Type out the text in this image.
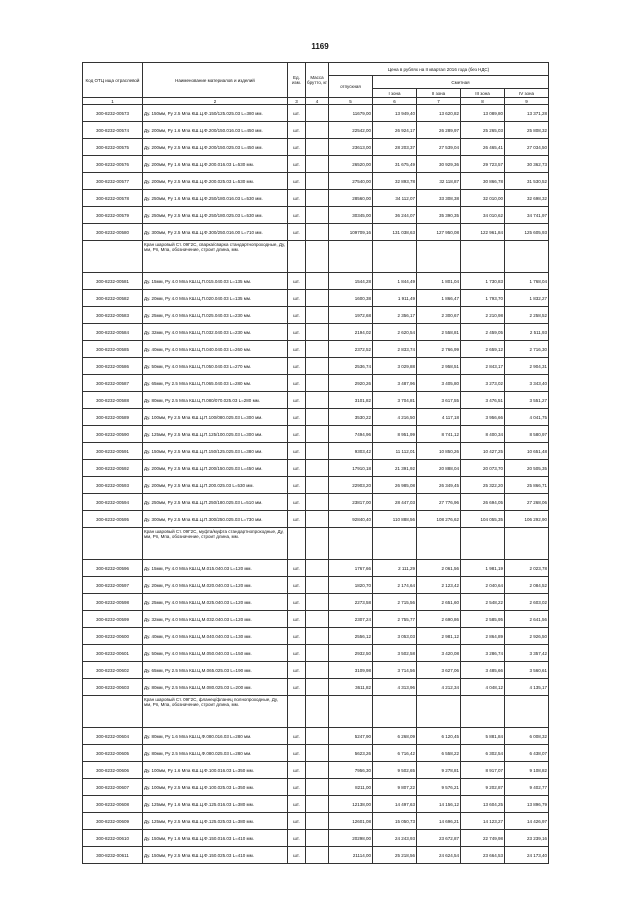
1169
Код ОТЦ ища отраслевой	Наименование материалов и изделий	Ед. изм.	Масса брутто, кг	Цена в рублях на II квартал 2016 года (без НДС)				
				отпускная	Сметная			
					I зона	II зона	III зона	IV зона
1	2	3	4	5	6	7	8	9
300-8232-00573	Ду. 150мм, Ру 2.5 Мпа КШ.Ц.Ф.150/125.025.03 L=380 мм.	шт.		11679,00	13 949,40	13 620,82	13 089,80	13 371,28
300-8232-00574	Ду. 200мм, Ру 1.6 Мпа КШ.Ц.Ф.200/150.016.03 L=450 мм.	шт.		22542,00	26 924,17	26 289,97	25 265,03	25 808,32
300-8232-00575	Ду. 200мм, Ру 2.5 Мпа КШ.Ц.Ф.200/150.025.03 L=450 мм.	шт.		23613,00	28 203,37	27 539,04	26 465,41	27 034,50
300-8232-00576	Ду. 200мм, Ру 1.6 Мпа КШ.Ц.Ф.200.016.03 L=530 мм.	шт.		26520,00	31 675,49	30 929,36	29 723,57	30 362,73
300-8232-00577	Ду. 200мм, Ру 2.5 Мпа КШ.Ц.Ф.200.025.03 L=530 мм.	шт.		27540,00	32 893,78	32 118,87	30 866,78	31 530,52
300-8232-00578	Ду. 250мм, Ру 1.6 Мпа КШ.Ц.Ф.250/180.016.03 L=530 мм.	шт.		28560,00	34 112,07	33 308,38	32 010,00	32 698,32
300-8232-00579	Ду. 250мм, Ру 2.5 Мпа КШ.Ц.Ф.250/180.025.03 L=530 мм.	шт.		30345,00	36 244,07	35 390,35	34 010,62	34 741,97
300-8232-00580	Ду. 300мм, Ру 2.5 Мпа КШ.Ц.Ф.300/250.016.00 L=710 мм.	шт.		109709,16	131 038,63	127 950,08	122 961,84	125 605,93
	Кран шаровый Ст. 09Г2С, сварка/сварка стандартнопроходные, Ду, мм, Рп, Мпа, обозначение, строит длина, мм.							
300-8232-00581	Ду. 15мм, Ру 4.0 Мпа КШ.Ц.П.015.040.03 L=135 мм.	шт.		1544,28	1 844,49	1 801,04	1 730,83	1 768,04
300-8232-00582	Ду. 20мм, Ру 4.0 Мпа КШ.Ц.П.020.040.03 L=135 мм.	шт.		1600,38	1 911,49	1 866,47	1 793,70	1 832,27
300-8232-00583	Ду. 25мм, Ру 4.0 Мпа КШ.Ц.П.025.040.03 L=230 мм.	шт.		1972,68	2 356,17	2 300,67	2 210,98	2 258,52
300-8232-00584	Ду. 32мм, Ру 4.0 Мпа КШ.Ц.П.032.040.03 L=230 мм.	шт.		2194,02	2 620,54	2 558,81	2 459,05	2 511,93
300-8232-00585	Ду. 40мм, Ру 4.0 Мпа КШ.Ц.П.040.040.03 L=260 мм.	шт.		2372,52	2 833,74	2 766,99	2 659,12	2 716,30
300-8232-00586	Ду. 50мм, Ру 4.0 Мпа КШ.Ц.П.050.040.03 L=270 мм.	шт.		2536,74	3 029,88	2 958,51	2 843,17	2 904,31
300-8232-00587	Ду. 65мм, Ру 2.5 Мпа КШ.Ц.П.065.040.03 L=280 мм.	шт.		2920,26	3 487,96	3 405,80	3 273,02	3 343,40
300-8232-00588	Ду. 80мм, Ру 2.5 Мпа КШ.Ц.П.080/070.025.03 L=280 мм.	шт.		3101,82	3 704,81	3 617,55	3 476,51	3 551,27
300-8232-00589	Ду. 100мм, Ру 2.5 Мпа КШ.Ц.П.100/080.025.03 L=300 мм.	шт.		3530,22	4 216,50	4 117,18	3 956,66	4 041,75
300-8232-00590	Ду. 125мм, Ру 2.5 Мпа КШ.Ц.П.125/100.025.03 L=300 мм.	шт.		7494,96	8 951,99	8 741,12	8 400,34	8 580,97
300-8232-00591	Ду. 150мм, Ру 2.5 Мпа КШ.Ц.П.150/125.025.03 L=380 мм.	шт.		9303,42	11 112,01	10 850,26	10 427,25	10 651,48
300-8232-00592	Ду. 200мм, Ру 2.5 Мпа КШ.Ц.П.200/150.025.03 L=450 мм.	шт.		17910,18	21 391,92	20 888,04	20 073,70	20 505,35
300-8232-00593	Ду. 200мм, Ру 2.5 Мпа КШ.Ц.П.200.025.03 L=530 мм.	шт.		22903,20	26 985,08	26 349,45	25 322,20	25 866,71
300-8232-00594	Ду. 250мм, Ру 2.5 Мпа КШ.Ц.П.250/180.025.03 L=510 мм.	шт.		23817,00	28 447,03	27 776,96	26 694,05	27 268,06
300-8232-00595	Ду. 300мм, Ру 2.5 Мпа КШ.Ц.П.300/250.025.03 L=730 мм.	шт.		92840,40	110 888,56	108 276,62	104 055,35	106 292,90
	Кран шаровый Ст. 09Г2С, муфта/муфта стандартнопроходные, Ду, мм, Рп, Мпа, обозначение, строит длина, мм.							
300-8232-00596	Ду. 15мм, Ру 4.0 Мпа КШ.Ц.М.015.040.03 L=120 мм.	шт.		1767,66	2 111,29	2 061,56	1 981,19	2 023,78
300-8232-00597	Ду. 20мм, Ру 4.0 Мпа КШ.Ц.М.020.040.03 L=120 мм.	шт.		1820,70	2 174,64	2 123,42	2 040,64	2 084,52
300-8232-00598	Ду. 25мм, Ру 4.0 Мпа КШ.Ц.М.025.040.03 L=120 мм.	шт.		2273,58	2 715,56	2 651,60	2 548,22	2 603,02
300-8232-00599	Ду. 32мм, Ру 4.0 Мпа КШ.Ц.М.032.040.03 L=120 мм.	шт.		2307,24	2 755,77	2 690,86	2 585,95	2 641,56
300-8232-00600	Ду. 40мм, Ру 4.0 Мпа КШ.Ц.М.040.040.03 L=130 мм.	шт.		2556,12	3 053,03	2 981,12	2 864,89	2 926,50
300-8232-00601	Ду. 50мм, Ру 4.0 Мпа КШ.Ц.М.050.040.03 L=150 мм.	шт.		2932,50	3 502,58	3 420,08	3 286,74	3 357,42
300-8232-00602	Ду. 65мм, Ру 2.5 Мпа КШ.Ц.М.065.025.03 L=190 мм.	шт.		3109,98	3 714,56	3 627,06	3 485,66	3 560,61
300-8232-00603	Ду. 80мм, Ру 2.5 Мпа КШ.Ц.М.080.025.03 L=200 мм.	шт.		3611,82	4 313,96	4 212,34	4 048,12	4 135,17
	Кран шаровый Ст. 09Г2С, фланец/фланец полнопроходные, Ду, мм, Рп, Мпа, обозначение, строит длина, мм.							
300-8232-00604	Ду. 80мм, Ру 1.6 Мпа КШ.Ц.Ф.080.016.03 L=280 мм.	шт.		5247,90	6 268,09	6 120,45	5 881,84	6 008,32
300-8232-00605	Ду. 80мм, Ру 2.5 Мпа КШ.Ц.Ф.080.025.03 L=280 мм.	шт.		5623,26	6 716,42	6 558,22	6 302,54	6 438,07
300-8232-00606	Ду. 100мм, Ру 1.6 Мпа КШ.Ц.Ф.100.016.03 L=350 мм.	шт.		7956,30	9 502,65	9 278,81	8 917,07	9 108,82
300-8232-00607	Ду. 100мм, Ру 2.5 Мпа КШ.Ц.Ф.100.025.03 L=350 мм.	шт.		8211,00	9 807,22	9 576,21	9 202,87	9 402,77
300-8232-00608	Ду. 125мм, Ру 1.6 Мпа КШ.Ц.Ф.125.016.03 L=380 мм.	шт.		12138,00	14 497,63	14 156,12	13 604,25	13 896,79
300-8232-00609	Ду. 125мм, Ру 2.5 Мпа КШ.Ц.Ф.125.025.03 L=380 мм.	шт.		12601,08	15 050,73	14 696,21	14 123,27	14 426,97
300-8232-00610	Ду. 150мм, Ру 1.6 Мпа КШ.Ц.Ф.150.016.03 L=410 мм.	шт.		20298,00	24 243,93	23 672,87	22 749,98	23 239,16
300-8232-00611	Ду. 150мм, Ру 2.5 Мпа КШ.Ц.Ф.150.025.03 L=410 мм.	шт.		21114,00	25 218,56	24 624,54	23 664,53	24 173,40
